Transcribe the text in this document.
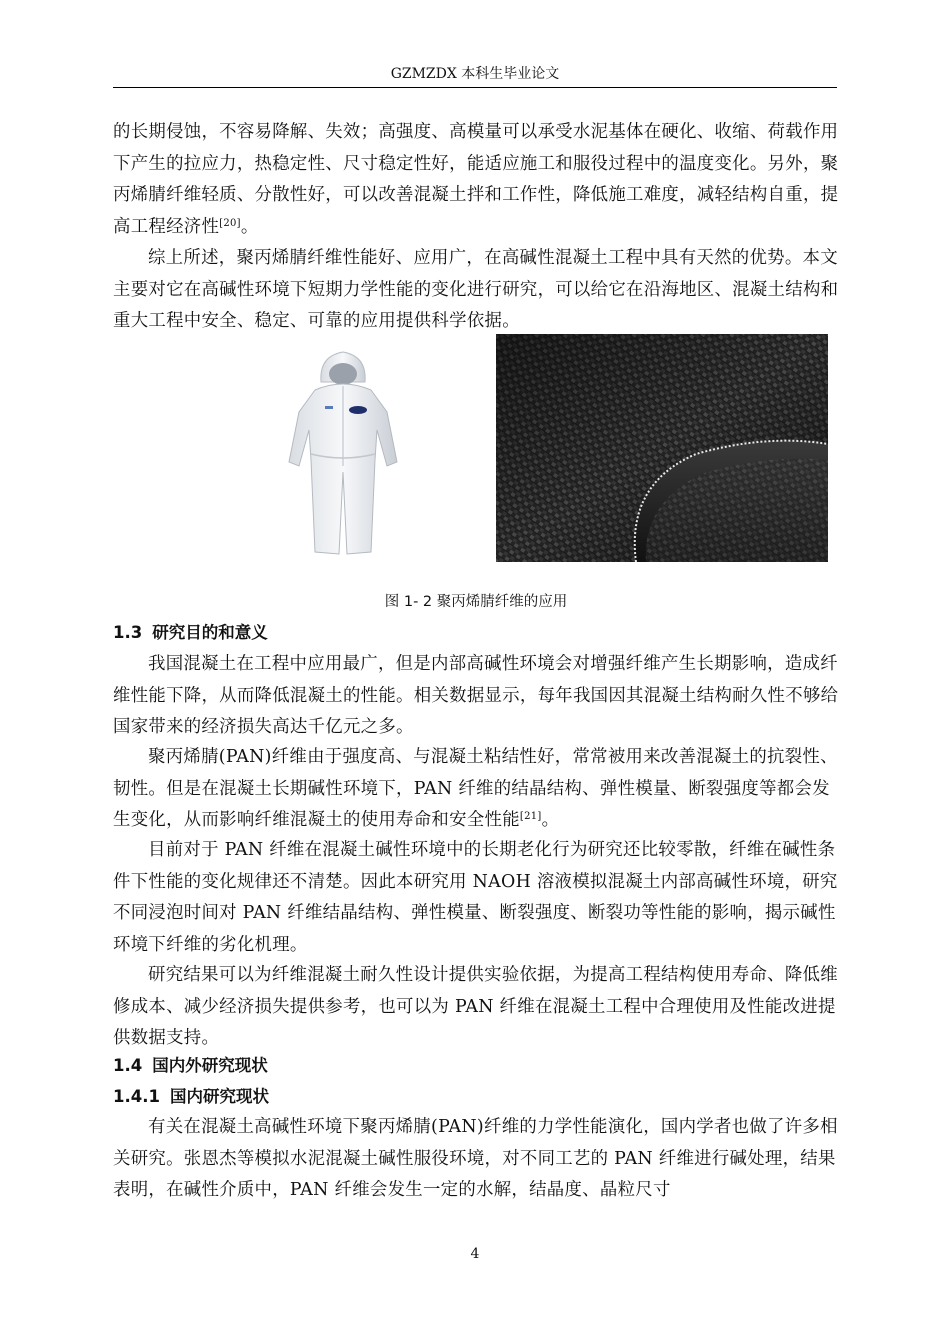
GZMZDX 本科生毕业论文

的长期侵蚀，不容易降解、失效；高强度、高模量可以承受水泥基体在硬化、收缩、荷载作用下产生的拉应力，热稳定性、尺寸稳定性好，能适应施工和服役过程中的温度变化。另外，聚丙烯腈纤维轻质、分散性好，可以改善混凝土拌和工作性，降低施工难度，减轻结构自重，提高工程经济性[20]。

综上所述，聚丙烯腈纤维性能好、应用广，在高碱性混凝土工程中具有天然的优势。本文主要对它在高碱性环境下短期力学性能的变化进行研究，可以给它在沿海地区、混凝土结构和重大工程中安全、稳定、可靠的应用提供科学依据。

图 1- 2 聚丙烯腈纤维的应用
1.3 研究目的和意义

我国混凝土在工程中应用最广，但是内部高碱性环境会对增强纤维产生长期影响，造成纤维性能下降，从而降低混凝土的性能。相关数据显示，每年我国因其混凝土结构耐久性不够给国家带来的经济损失高达千亿元之多。

聚丙烯腈(PAN)纤维由于强度高、与混凝土粘结性好，常常被用来改善混凝土的抗裂性、韧性。但是在混凝土长期碱性环境下，PAN 纤维的结晶结构、弹性模量、断裂强度等都会发生变化，从而影响纤维混凝土的使用寿命和安全性能[21]。

目前对于 PAN 纤维在混凝土碱性环境中的长期老化行为研究还比较零散，纤维在碱性条件下性能的变化规律还不清楚。因此本研究用 NAOH 溶液模拟混凝土内部高碱性环境，研究不同浸泡时间对 PAN 纤维结晶结构、弹性模量、断裂强度、断裂功等性能的影响，揭示碱性环境下纤维的劣化机理。

研究结果可以为纤维混凝土耐久性设计提供实验依据，为提高工程结构使用寿命、降低维修成本、减少经济损失提供参考，也可以为 PAN 纤维在混凝土工程中合理使用及性能改进提供数据支持。

1.4 国内外研究现状
1.4.1 国内研究现状

有关在混凝土高碱性环境下聚丙烯腈(PAN)纤维的力学性能演化，国内学者也做了许多相关研究。张恩杰等模拟水泥混凝土碱性服役环境，对不同工艺的 PAN 纤维进行碱处理，结果表明，在碱性介质中，PAN 纤维会发生一定的水解，结晶度、晶粒尺寸

4
